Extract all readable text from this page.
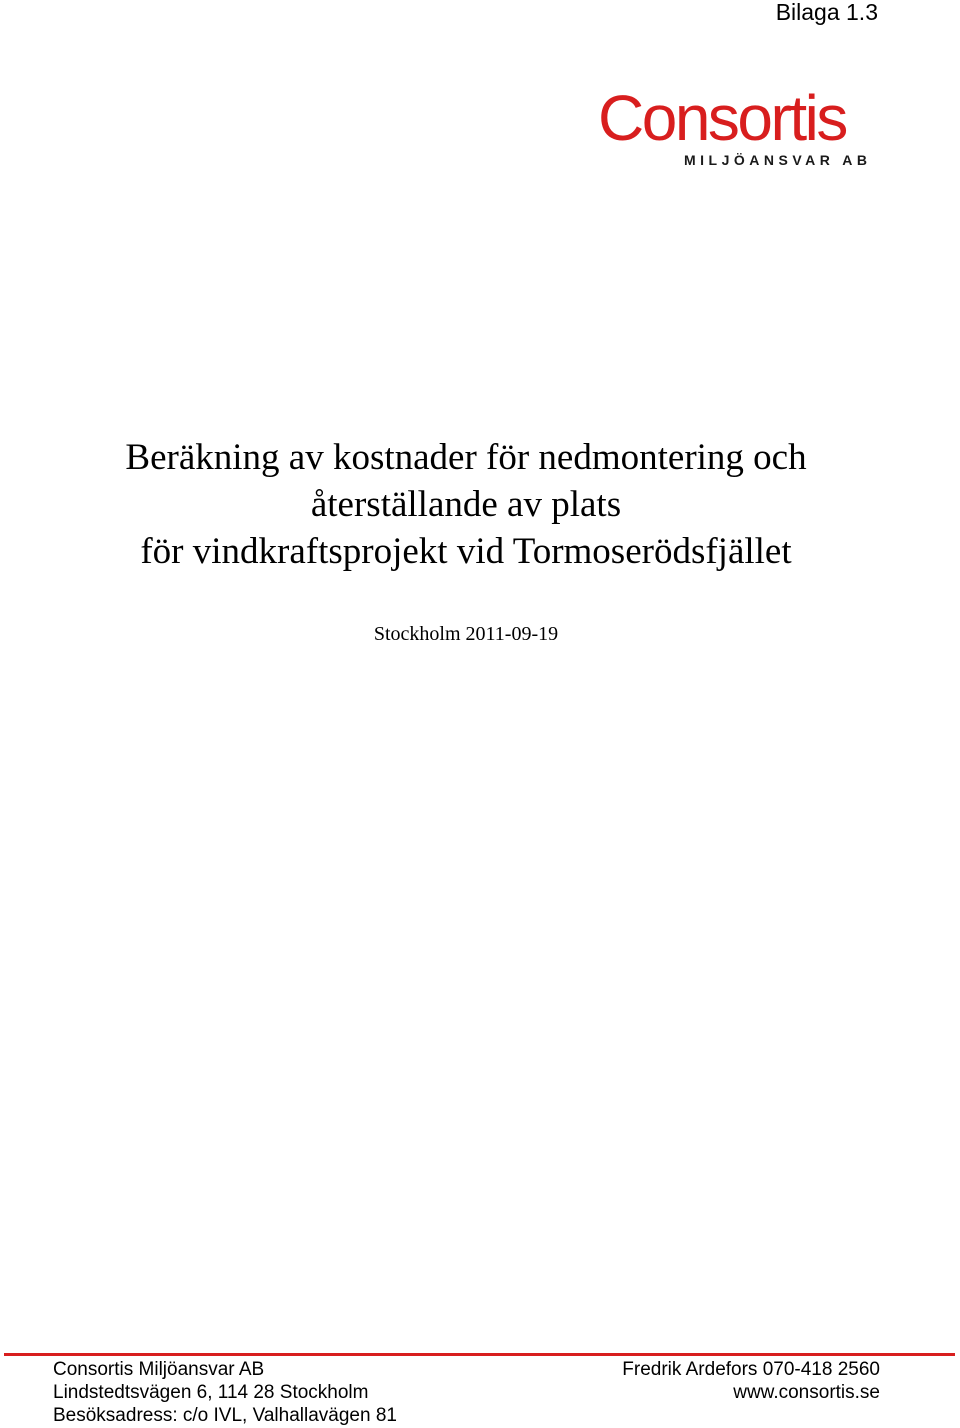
Bilaga 1.3
Consortis
MILJÖANSVAR AB
Beräkning av kostnader för nedmontering och
återställande av plats
för vindkraftsprojekt vid Tormoserödsfjället
Stockholm 2011-09-19
Consortis Miljöansvar AB
Lindstedtsvägen 6, 114 28 Stockholm
Besöksadress: c/o IVL, Valhallavägen 81
Fredrik Ardefors 070-418 2560
www.consortis.se
